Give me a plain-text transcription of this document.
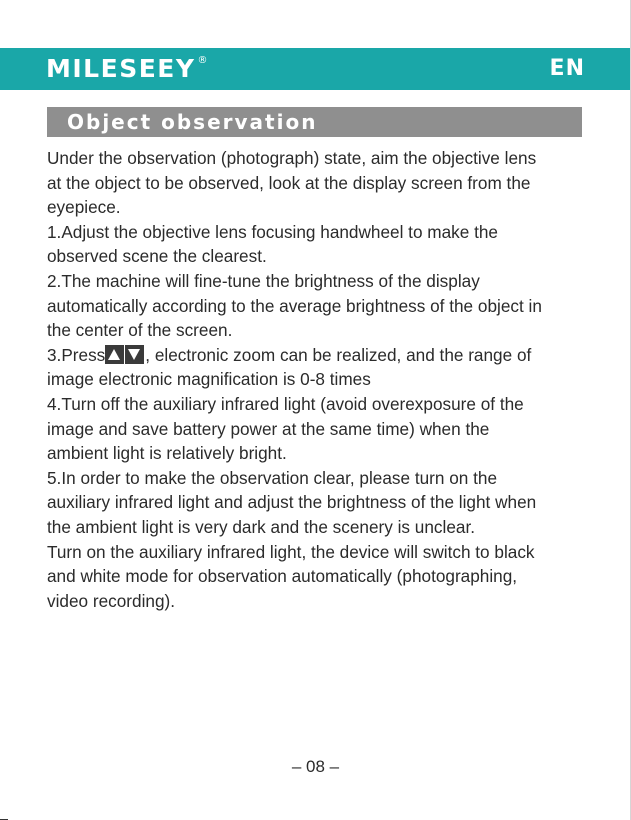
MILESEEY ®	EN
Object observation

Under the observation (photograph) state, aim the objective lens

at the object to be observed, look at the display screen from the

eyepiece.

1.Adjust the objective lens focusing handwheel to make the

observed scene the clearest.

2.The machine will fine-tune the brightness of the display

automatically according to the average brightness of the object in

the center of the screen.

3.Press , electronic zoom can be realized, and the range of

image electronic magnification is 0-8 times

4.Turn off the auxiliary infrared light (avoid overexposure of the

image and save battery power at the same time) when the

ambient light is relatively bright.

5.In order to make the observation clear, please turn on the

auxiliary infrared light and adjust the brightness of the light when

the ambient light is very dark and the scenery is unclear.

Turn on the auxiliary infrared light, the device will switch to black

and white mode for observation automatically (photographing,

video recording).

– 08 –
